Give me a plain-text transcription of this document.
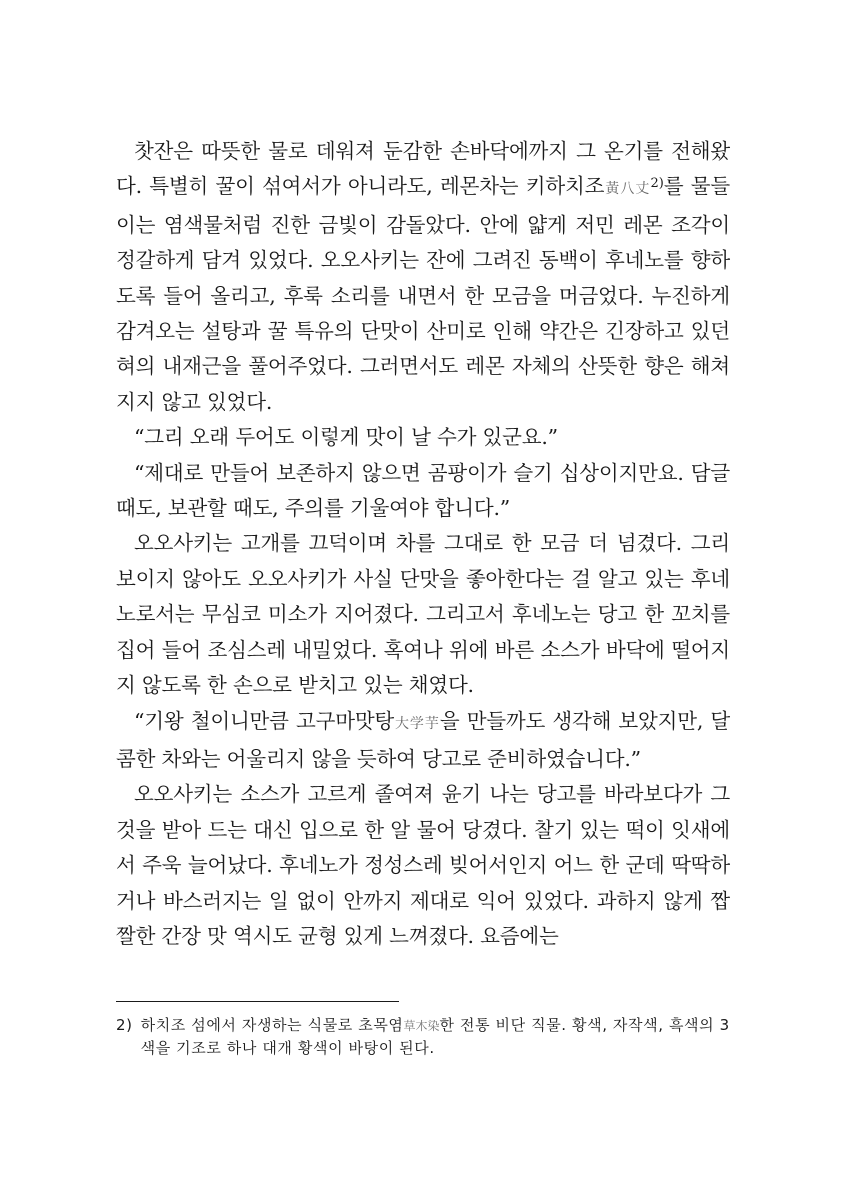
찻잔은 따뜻한 물로 데워져 둔감한 손바닥에까지 그 온기를 전해왔다. 특별히 꿀이 섞여서가 아니라도, 레몬차는 키하치조黃八丈$^{2)}$를 물들이는 염색물처럼 진한 금빛이 감돌았다. 안에 얇게 저민 레몬 조각이 정갈하게 담겨 있었다. 오오사키는 잔에 그려진 동백이 후네노를 향하도록 들어 올리고, 후룩 소리를 내면서 한 모금을 머금었다. 누진하게 감겨오는 설탕과 꿀 특유의 단맛이 산미로 인해 약간은 긴장하고 있던 혀의 내재근을 풀어주었다. 그러면서도 레몬 자체의 산뜻한 향은 해쳐지지 않고 있었다.

“그리 오래 두어도 이렇게 맛이 날 수가 있군요.”

“제대로 만들어 보존하지 않으면 곰팡이가 슬기 십상이지만요. 담글 때도, 보관할 때도, 주의를 기울여야 합니다.”

오오사키는 고개를 끄덕이며 차를 그대로 한 모금 더 넘겼다. 그리 보이지 않아도 오오사키가 사실 단맛을 좋아한다는 걸 알고 있는 후네노로서는 무심코 미소가 지어졌다. 그리고서 후네노는 당고 한 꼬치를 집어 들어 조심스레 내밀었다. 혹여나 위에 바른 소스가 바닥에 떨어지지 않도록 한 손으로 받치고 있는 채였다.

“기왕 철이니만큼 고구마맛탕大学芋을 만들까도 생각해 보았지만, 달콤한 차와는 어울리지 않을 듯하여 당고로 준비하였습니다.”

오오사키는 소스가 고르게 졸여져 윤기 나는 당고를 바라보다가 그것을 받아 드는 대신 입으로 한 알 물어 당겼다. 찰기 있는 떡이 잇새에서 주욱 늘어났다. 후네노가 정성스레 빚어서인지 어느 한 군데 딱딱하거나 바스러지는 일 없이 안까지 제대로 익어 있었다. 과하지 않게 짭짤한 간장 맛 역시도 균형 있게 느껴졌다. 요즘에는

2) 하치조 섬에서 자생하는 식물로 초목염草木染한 전통 비단 직물. 황색, 자작색, 흑색의 3색을 기조로 하나 대개 황색이 바탕이 된다.
